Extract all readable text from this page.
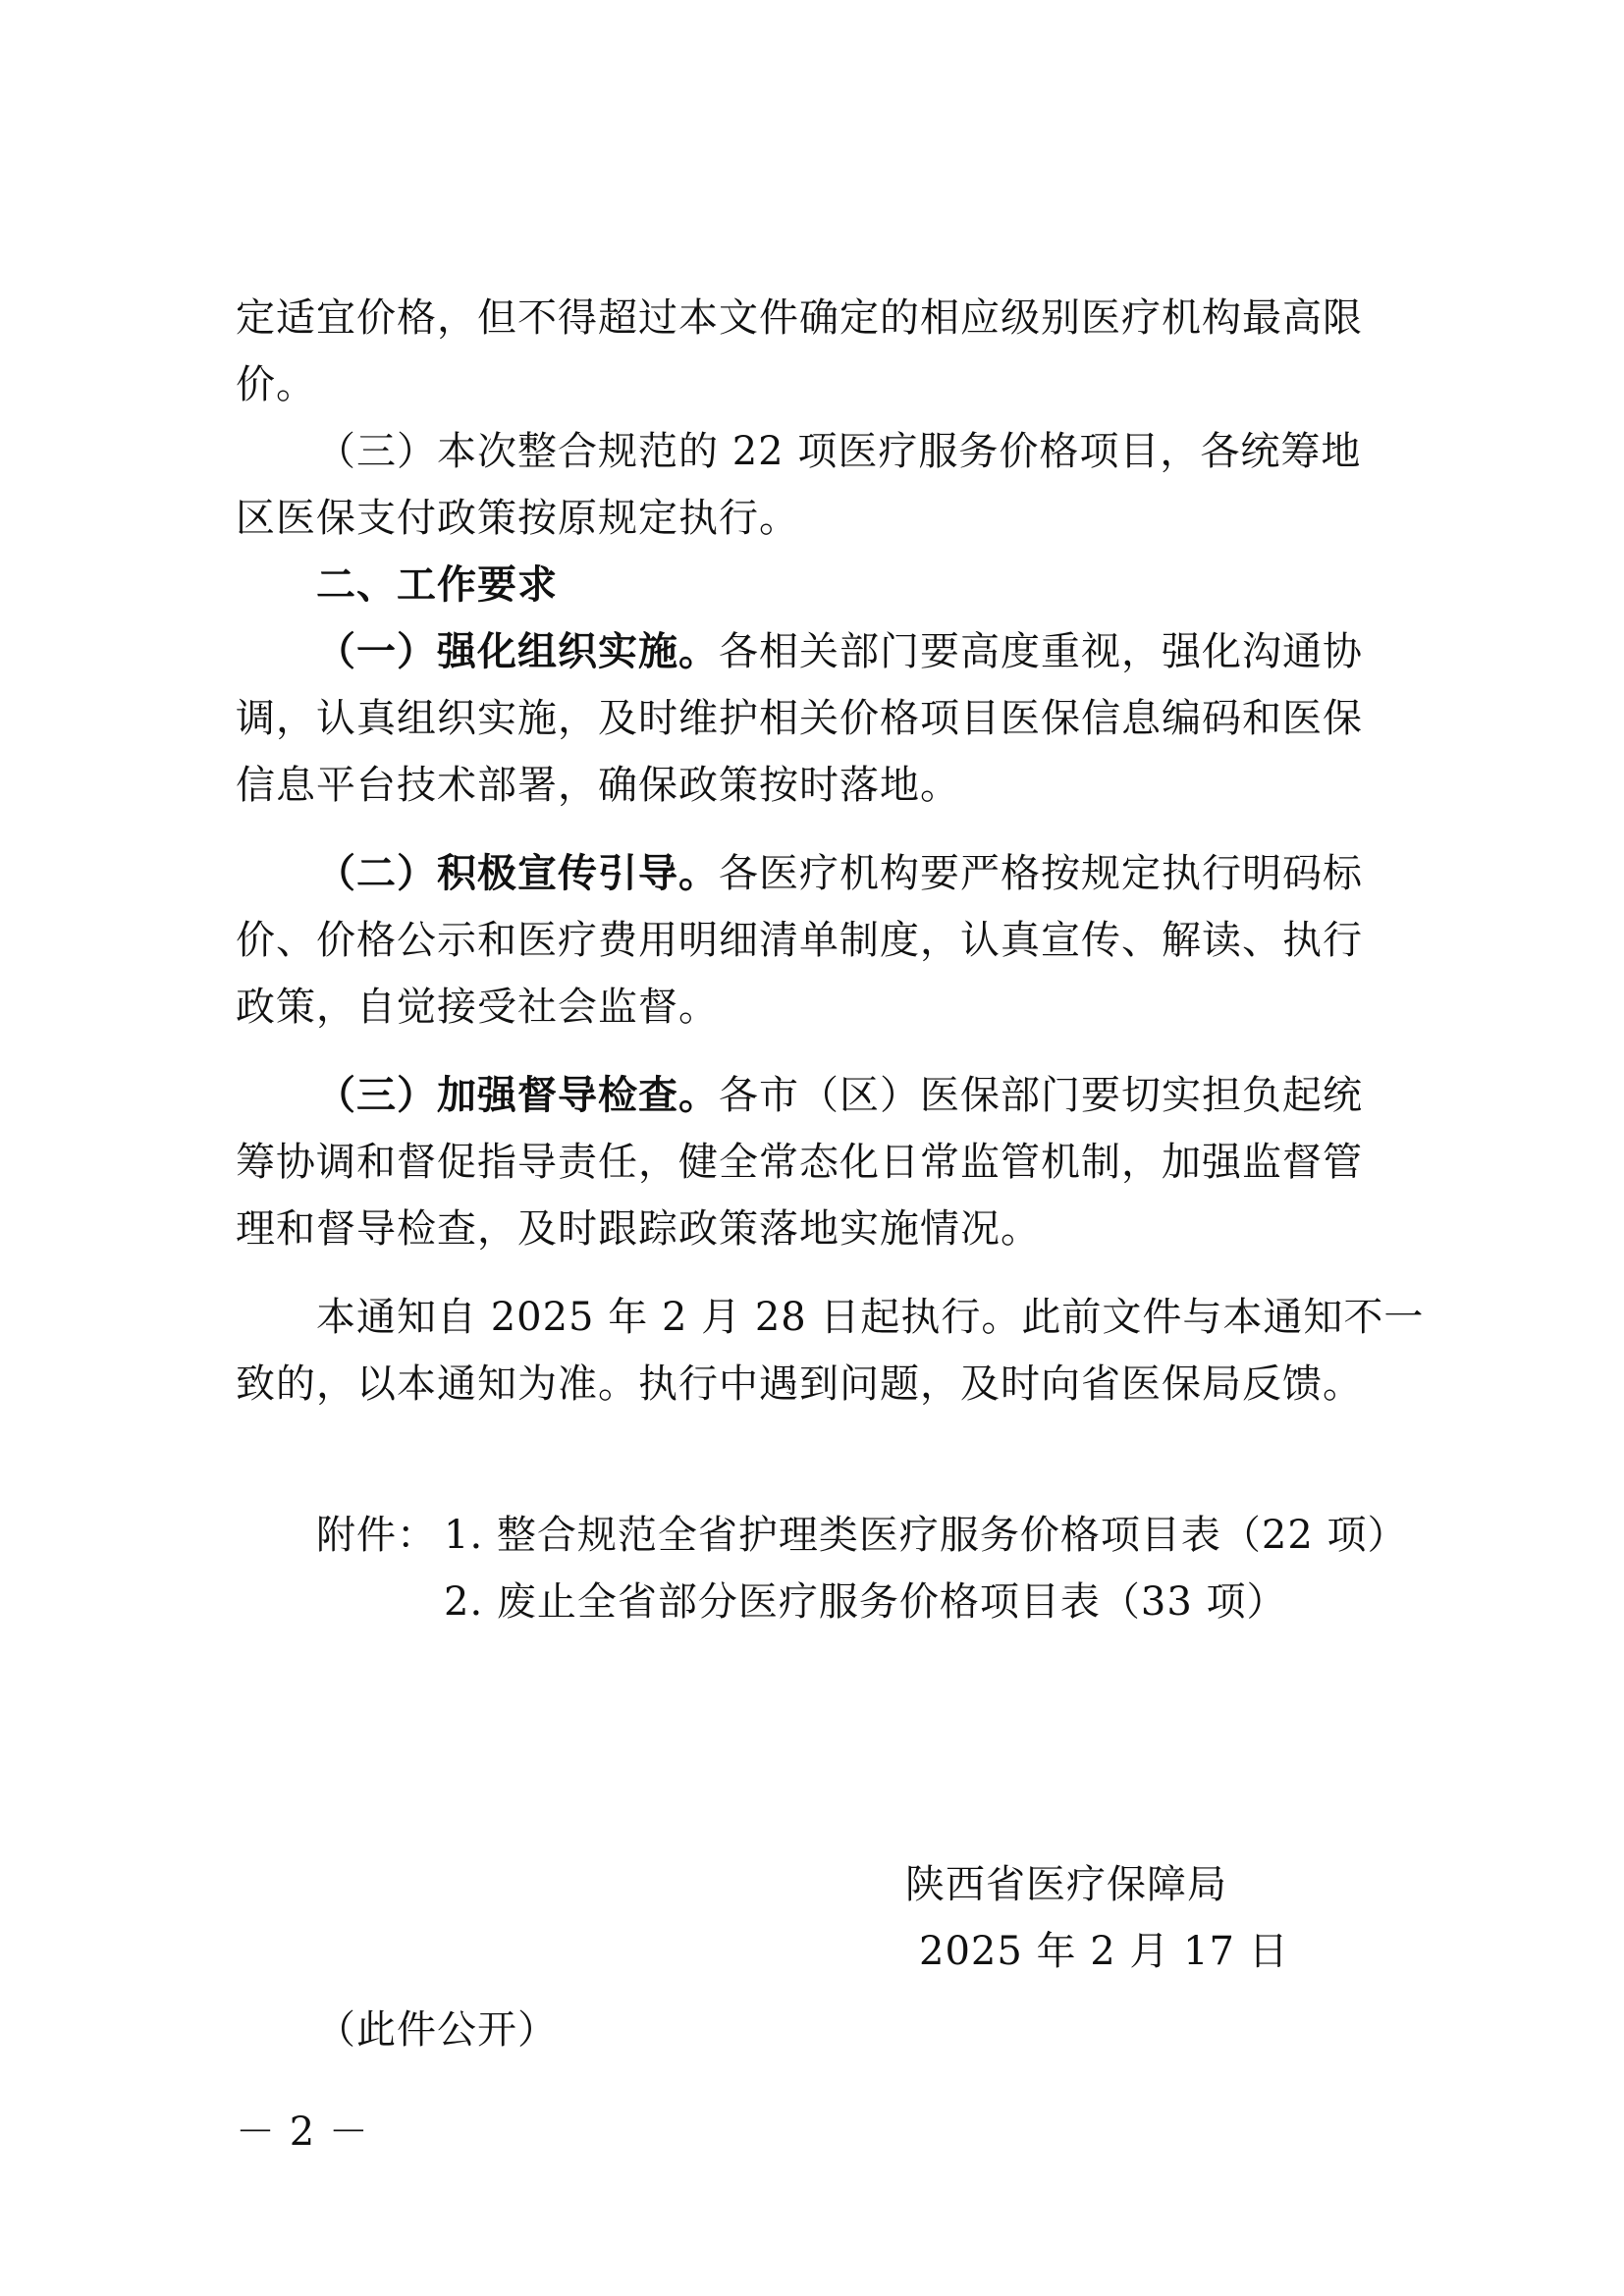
定适宜价格，但不得超过本文件确定的相应级别医疗机构最高限
价。
（三）本次整合规范的 22 项医疗服务价格项目，各统筹地
区医保支付政策按原规定执行。
二、工作要求
（一）强化组织实施。各相关部门要高度重视，强化沟通协
调，认真组织实施，及时维护相关价格项目医保信息编码和医保
信息平台技术部署，确保政策按时落地。
（二）积极宣传引导。各医疗机构要严格按规定执行明码标
价、价格公示和医疗费用明细清单制度，认真宣传、解读、执行
政策，自觉接受社会监督。
（三）加强督导检查。各市（区）医保部门要切实担负起统
筹协调和督促指导责任，健全常态化日常监管机制，加强监督管
理和督导检查，及时跟踪政策落地实施情况。
本通知自 2025 年 2 月 28 日起执行。此前文件与本通知不一
致的，以本通知为准。执行中遇到问题，及时向省医保局反馈。
附件： 1. 整合规范全省护理类医疗服务价格项目表（22 项）
2. 废止全省部分医疗服务价格项目表（33 项）
陕西省医疗保障局
2025 年 2 月 17 日
（此件公开）
－ 2 －
